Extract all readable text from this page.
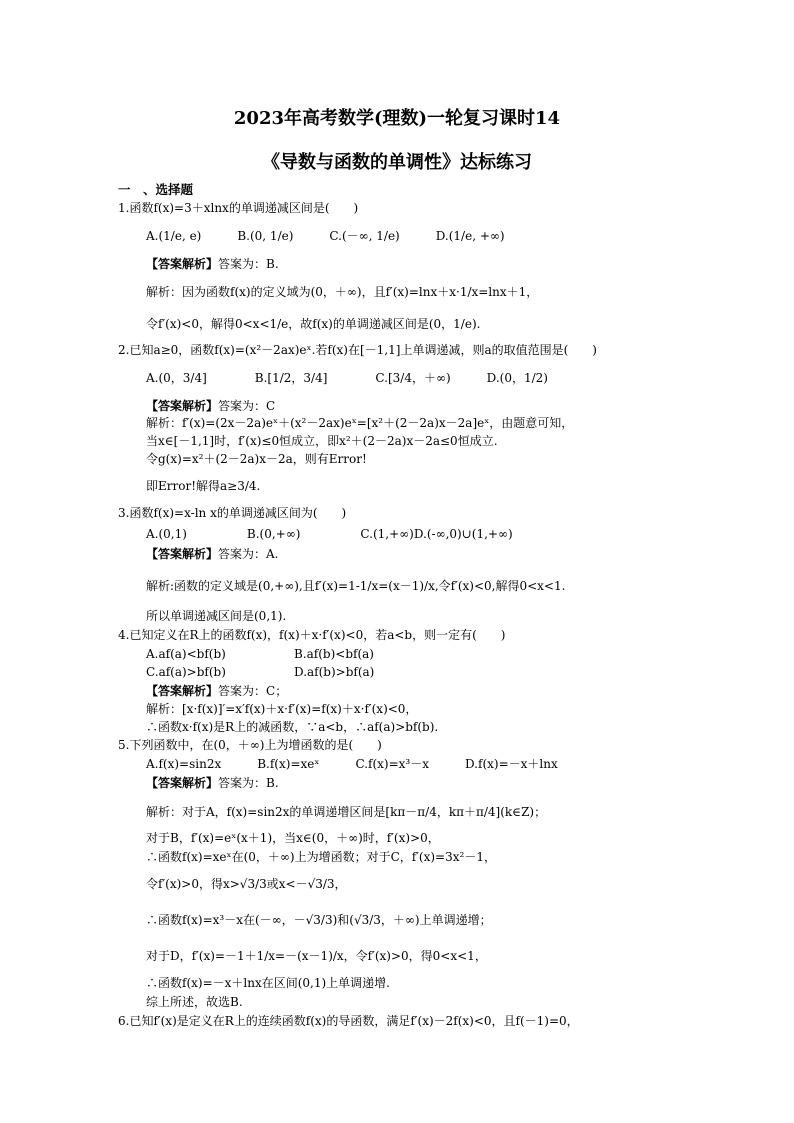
2023年高考数学(理数)一轮复习课时14
《导数与函数的单调性》达标练习
一　、选择题
1.函数f(x)=3＋xlnx的单调递减区间是(　　)
A.(1/e, e)　　　B.(0, 1/e)　　　C.(－∞, 1/e)　　　D.(1/e, +∞)
【答案解析】答案为：B.
解析：因为函数f(x)的定义域为(0，＋∞)，且f′(x)=lnx＋x·1/x=lnx＋1，
令f′(x)<0，解得0<x<1/e，故f(x)的单调递减区间是(0，1/e).
2.已知a≥0，函数f(x)=(x²－2ax)eˣ.若f(x)在[－1,1]上单调递减，则a的取值范围是(　　)
A.(0，3/4]　　　　B.[1/2，3/4]　　　　C.[3/4，＋∞)　　　D.(0，1/2)
【答案解析】答案为：C
解析：f′(x)=(2x－2a)eˣ＋(x²－2ax)eˣ=[x²＋(2－2a)x－2a]eˣ，由题意可知，
当x∈[－1,1]时，f′(x)≤0恒成立，即x²＋(2－2a)x－2a≤0恒成立.
令g(x)=x²＋(2－2a)x－2a，则有Error!
即Error!解得a≥3/4.
3.函数f(x)=x-ln x的单调递减区间为(　　)
A.(0,1)　　　　　B.(0,+∞)　　　　　C.(1,+∞)D.(-∞,0)∪(1,+∞)
【答案解析】答案为：A.
解析:函数的定义域是(0,+∞),且f′(x)=1-1/x=(x－1)/x,令f′(x)<0,解得0<x<1.
所以单调递减区间是(0,1).
4.已知定义在R上的函数f(x)，f(x)＋x·f′(x)<0，若a<b，则一定有(　　)
A.af(a)<bf(b)	B.af(b)<bf(a)
C.af(a)>bf(b)	D.af(b)>bf(a)
【答案解析】答案为：C；
解析：[x·f(x)]′=x′f(x)＋x·f′(x)=f(x)＋x·f′(x)<0，
∴函数x·f(x)是R上的减函数，∵a<b，∴af(a)>bf(b).
5.下列函数中，在(0，＋∞)上为增函数的是(　　)
A.f(x)=sin2x　　　B.f(x)=xeˣ　　　C.f(x)=x³－x　　　D.f(x)=－x＋lnx
【答案解析】答案为：B.
解析：对于A，f(x)=sin2x的单调递增区间是[kπ－π/4，kπ＋π/4](k∈Z)；
对于B，f′(x)=eˣ(x＋1)，当x∈(0，＋∞)时，f′(x)>0，
∴函数f(x)=xeˣ在(0，＋∞)上为增函数；对于C，f′(x)=3x²－1，
令f′(x)>0，得x>√3/3或x<－√3/3，
∴函数f(x)=x³－x在(－∞，－√3/3)和(√3/3，＋∞)上单调递增；
对于D，f′(x)=－1＋1/x=－(x－1)/x，令f′(x)>0，得0<x<1，
∴函数f(x)=－x＋lnx在区间(0,1)上单调递增.
综上所述，故选B.
6.已知f′(x)是定义在R上的连续函数f(x)的导函数，满足f′(x)－2f(x)<0，且f(－1)=0，
